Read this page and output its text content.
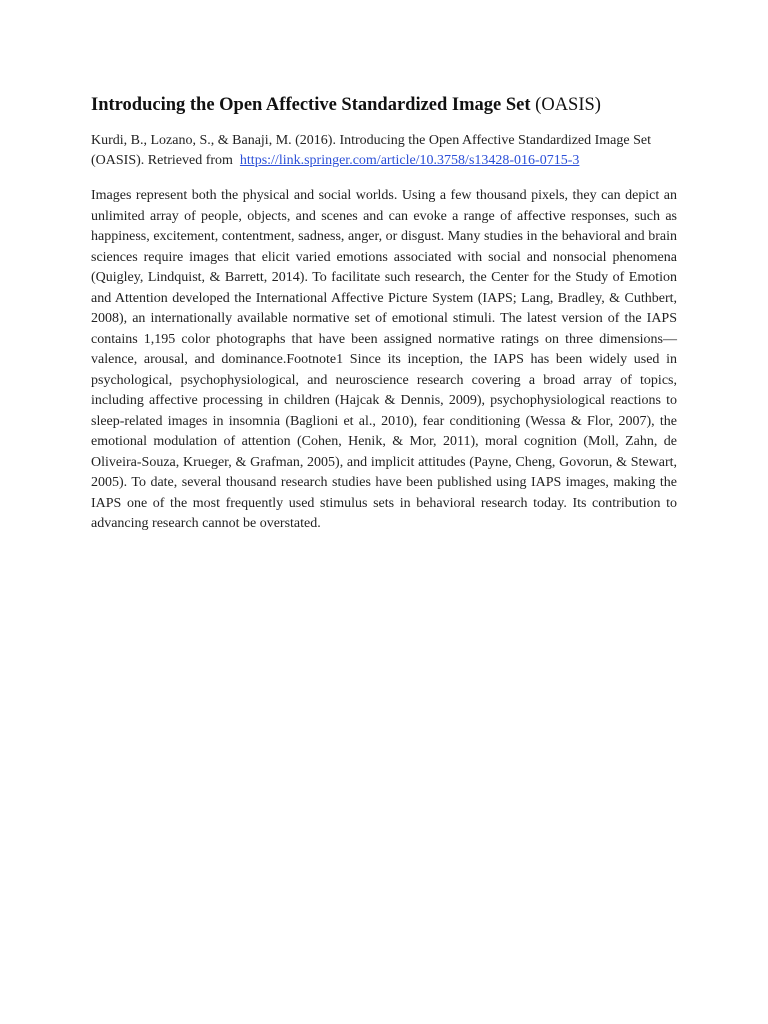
Introducing the Open Affective Standardized Image Set (OASIS)

Kurdi, B., Lozano, S., & Banaji, M. (2016). Introducing the Open Affective Standardized Image Set (OASIS). Retrieved from https://link.springer.com/article/10.3758/s13428-016-0715-3

Images represent both the physical and social worlds. Using a few thousand pixels, they can depict an unlimited array of people, objects, and scenes and can evoke a range of affective responses, such as happiness, excitement, contentment, sadness, anger, or disgust. Many studies in the behavioral and brain sciences require images that elicit varied emotions associated with social and nonsocial phenomena (Quigley, Lindquist, & Barrett, 2014). To facilitate such research, the Center for the Study of Emotion and Attention developed the International Affective Picture System (IAPS; Lang, Bradley, & Cuthbert, 2008), an internationally available normative set of emotional stimuli. The latest version of the IAPS contains 1,195 color photographs that have been assigned normative ratings on three dimensions—valence, arousal, and dominance.Footnote1 Since its inception, the IAPS has been widely used in psychological, psychophysiological, and neuroscience research covering a broad array of topics, including affective processing in children (Hajcak & Dennis, 2009), psychophysiological reactions to sleep-related images in insomnia (Baglioni et al., 2010), fear conditioning (Wessa & Flor, 2007), the emotional modulation of attention (Cohen, Henik, & Mor, 2011), moral cognition (Moll, Zahn, de Oliveira-Souza, Krueger, & Grafman, 2005), and implicit attitudes (Payne, Cheng, Govorun, & Stewart, 2005). To date, several thousand research studies have been published using IAPS images, making the IAPS one of the most frequently used stimulus sets in behavioral research today. Its contribution to advancing research cannot be overstated.
